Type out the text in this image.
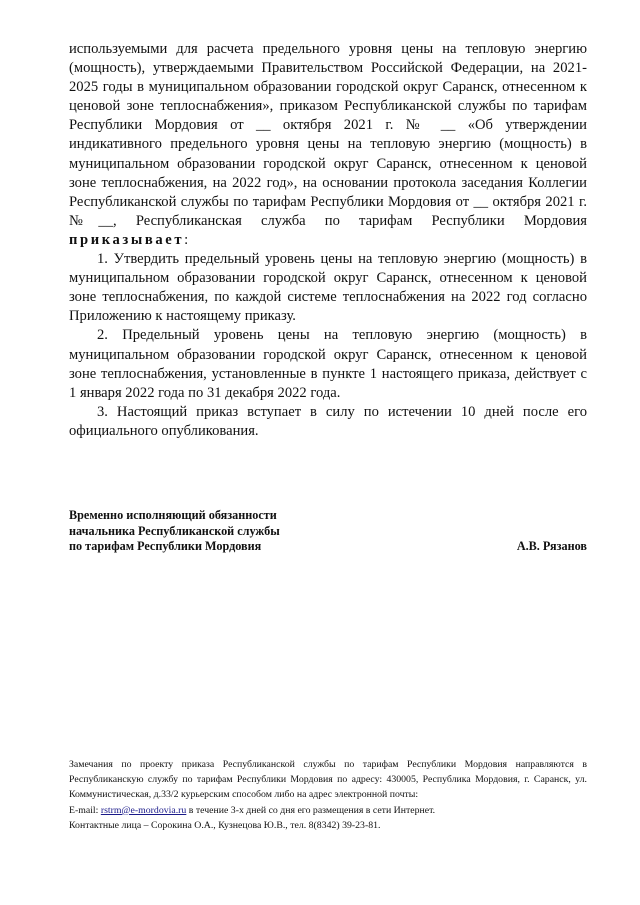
используемыми для расчета предельного уровня цены на тепловую энергию (мощность), утверждаемыми Правительством Российской Федерации, на 2021-2025 годы в муниципальном образовании городской округ Саранск, отнесенном к ценовой зоне теплоснабжения», приказом Республиканской службы по тарифам Республики Мордовия от __ октября 2021 г. № __ «Об утверждении индикативного предельного уровня цены на тепловую энергию (мощность) в муниципальном образовании городской округ Саранск, отнесенном к ценовой зоне теплоснабжения, на 2022 год», на основании протокола заседания Коллегии Республиканской службы по тарифам Республики Мордовия от __ октября 2021 г. №__, Республиканская служба по тарифам Республики Мордовия

приказывает:

1. Утвердить предельный уровень цены на тепловую энергию (мощность) в муниципальном образовании городской округ Саранск, отнесенном к ценовой зоне теплоснабжения, по каждой системе теплоснабжения на 2022 год согласно Приложению к настоящему приказу.

2. Предельный уровень цены на тепловую энергию (мощность) в муниципальном образовании городской округ Саранск, отнесенном к ценовой зоне теплоснабжения, установленные в пункте 1 настоящего приказа, действует с 1 января 2022 года по 31 декабря 2022 года.

3. Настоящий приказ вступает в силу по истечении 10 дней после его официального опубликования.

Временно исполняющий обязанности
начальника Республиканской службы
по тарифам Республики Мордовия	А.В. Рязанов

Замечания по проекту приказа Республиканской службы по тарифам Республики Мордовия направляются в Республиканскую службу по тарифам Республики Мордовия по адресу: 430005, Республика Мордовия, г. Саранск, ул. Коммунистическая, д.33/2 курьерским способом либо на адрес электронной почты:

E-mail: rstrm@e-mordovia.ru в течение 3-х дней со дня его размещения в сети Интернет.

Контактные лица – Сорокина О.А., Кузнецова Ю.В., тел. 8(8342) 39-23-81.
